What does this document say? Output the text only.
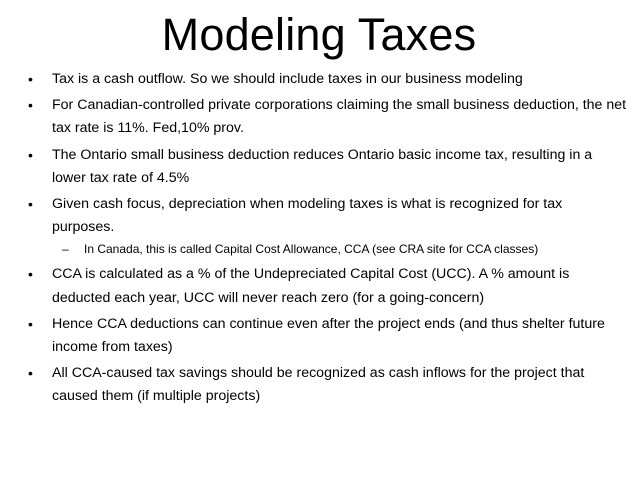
Modeling Taxes
• Tax is a cash outflow. So we should include taxes in our business modeling
• For Canadian-controlled private corporations claiming the small business deduction, the net tax rate is 11%. Fed,10% prov.
• The Ontario small business deduction reduces Ontario basic income tax, resulting in a lower tax rate of 4.5%
• Given cash focus, depreciation when modeling taxes is what is recognized for tax purposes.
– In Canada, this is called Capital Cost Allowance, CCA (see CRA site for CCA classes)
• CCA is calculated as a % of the Undepreciated Capital Cost (UCC). A % amount is deducted each year, UCC will never reach zero (for a going-concern)
• Hence CCA deductions can continue even after the project ends (and thus shelter future income from taxes)
• All CCA-caused tax savings should be recognized as cash inflows for the project that caused them (if multiple projects)
